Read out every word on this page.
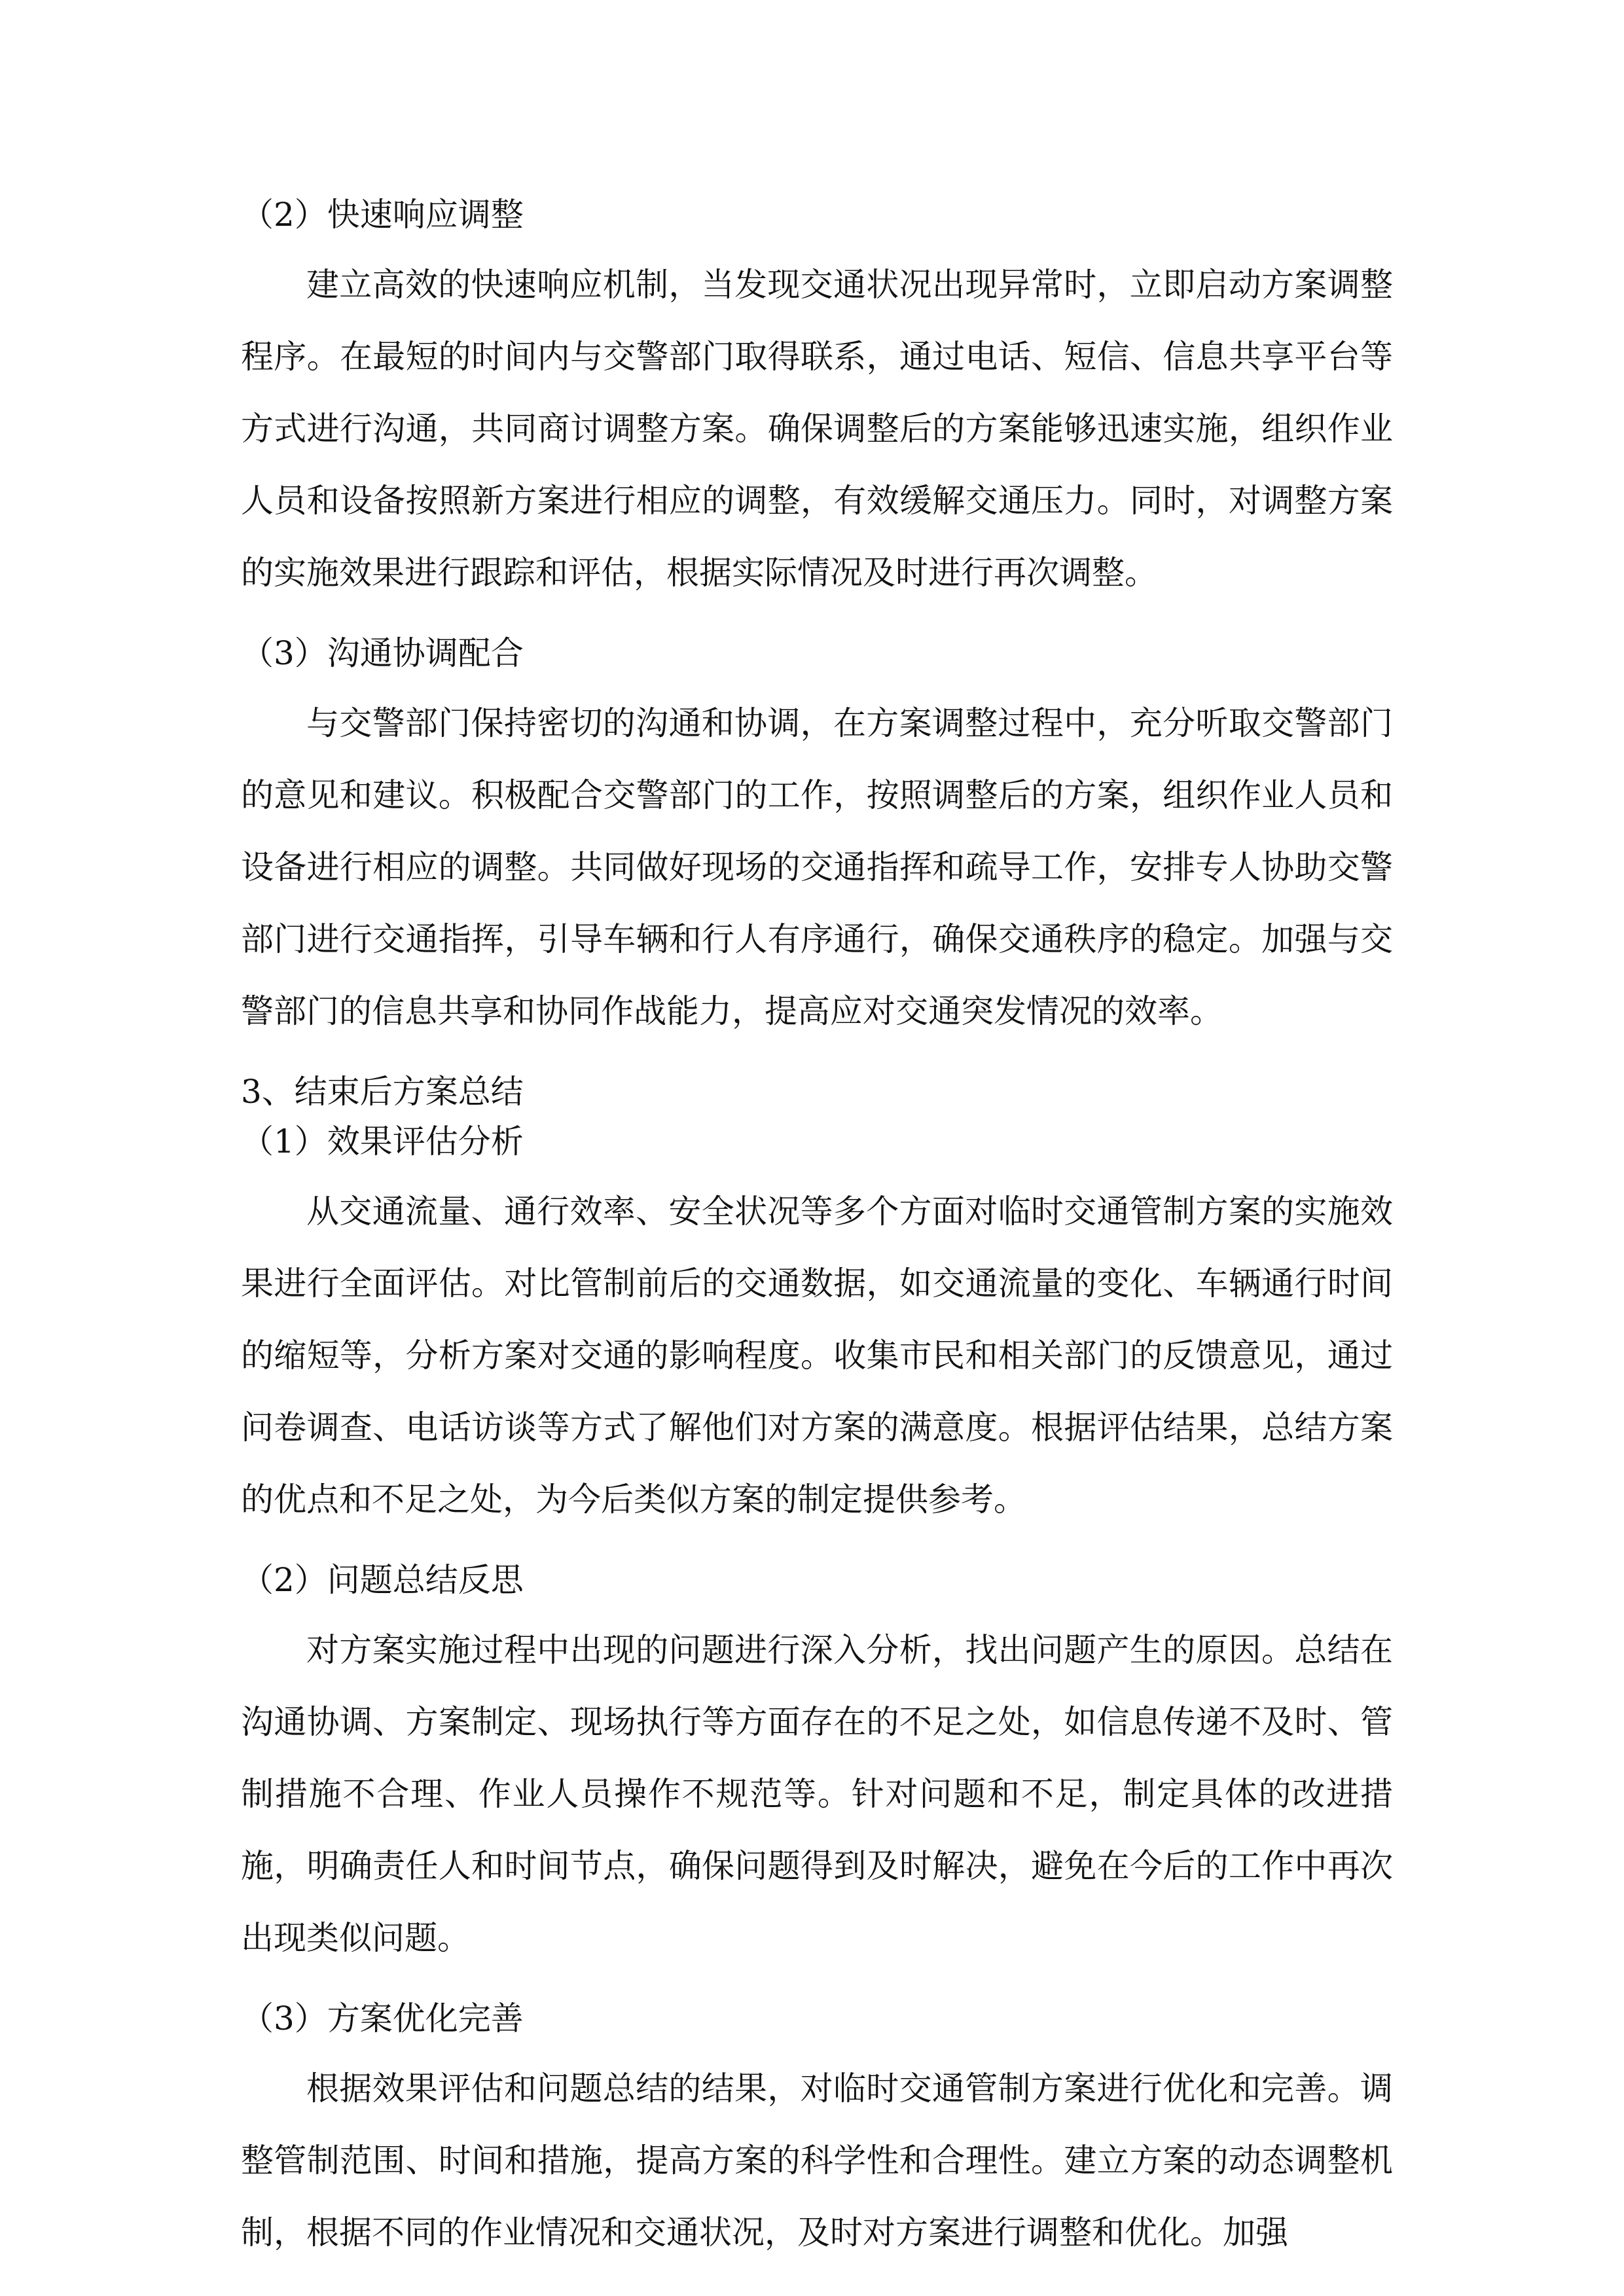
（2）快速响应调整

建立高效的快速响应机制，当发现交通状况出现异常时，立即启动方案调整程序。在最短的时间内与交警部门取得联系，通过电话、短信、信息共享平台等方式进行沟通，共同商讨调整方案。确保调整后的方案能够迅速实施，组织作业人员和设备按照新方案进行相应的调整，有效缓解交通压力。同时，对调整方案的实施效果进行跟踪和评估，根据实际情况及时进行再次调整。

（3）沟通协调配合

与交警部门保持密切的沟通和协调，在方案调整过程中，充分听取交警部门的意见和建议。积极配合交警部门的工作，按照调整后的方案，组织作业人员和设备进行相应的调整。共同做好现场的交通指挥和疏导工作，安排专人协助交警部门进行交通指挥，引导车辆和行人有序通行，确保交通秩序的稳定。加强与交警部门的信息共享和协同作战能力，提高应对交通突发情况的效率。

3、结束后方案总结

（1）效果评估分析

从交通流量、通行效率、安全状况等多个方面对临时交通管制方案的实施效果进行全面评估。对比管制前后的交通数据，如交通流量的变化、车辆通行时间的缩短等，分析方案对交通的影响程度。收集市民和相关部门的反馈意见，通过问卷调查、电话访谈等方式了解他们对方案的满意度。根据评估结果，总结方案的优点和不足之处，为今后类似方案的制定提供参考。

（2）问题总结反思

对方案实施过程中出现的问题进行深入分析，找出问题产生的原因。总结在沟通协调、方案制定、现场执行等方面存在的不足之处，如信息传递不及时、管制措施不合理、作业人员操作不规范等。针对问题和不足，制定具体的改进措施，明确责任人和时间节点，确保问题得到及时解决，避免在今后的工作中再次出现类似问题。

（3）方案优化完善

根据效果评估和问题总结的结果，对临时交通管制方案进行优化和完善。调整管制范围、时间和措施，提高方案的科学性和合理性。建立方案的动态调整机制，根据不同的作业情况和交通状况，及时对方案进行调整和优化。加强
